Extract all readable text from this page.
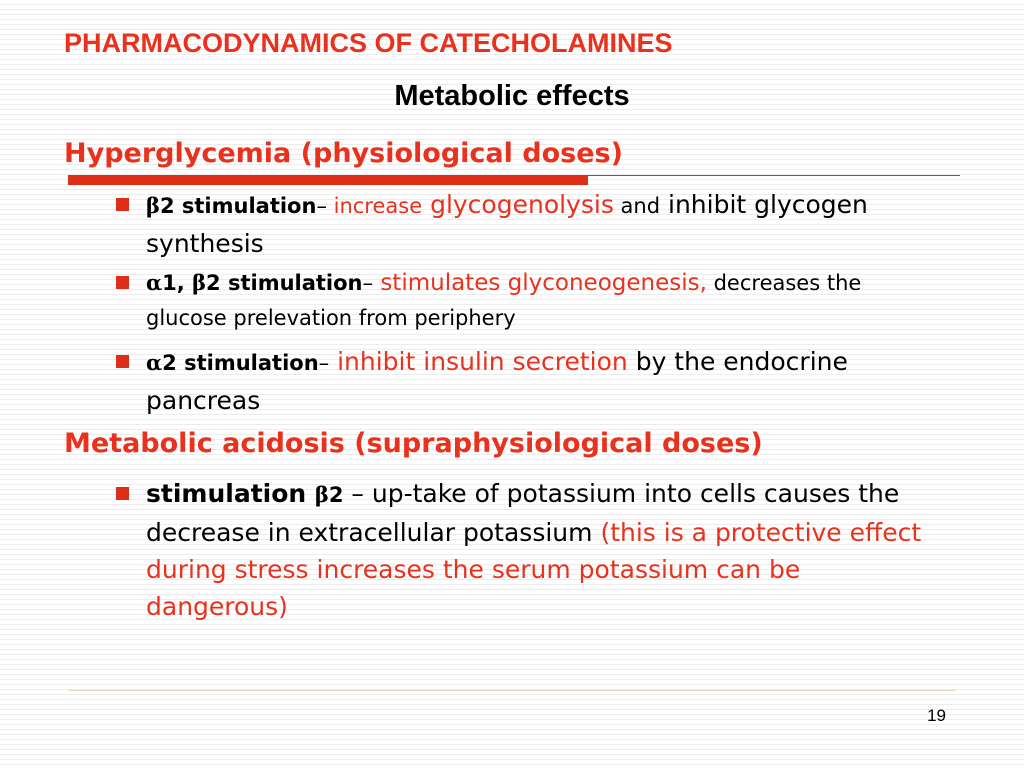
PHARMACODYNAMICS OF CATECHOLAMINES
Metabolic effects
Hyperglycemia (physiological doses)
β2 stimulation– increase glycogenolysis and inhibit glycogen synthesis
α1, β2 stimulation– stimulates glyconeogenesis, decreases the glucose prelevation from periphery
α2 stimulation– inhibit insulin secretion by the endocrine pancreas
Metabolic acidosis (supraphysiological doses)
stimulation β2 – up-take of potassium into cells causes the decrease in extracellular potassium (this is a protective effect during stress increases the serum potassium can be dangerous)
19
